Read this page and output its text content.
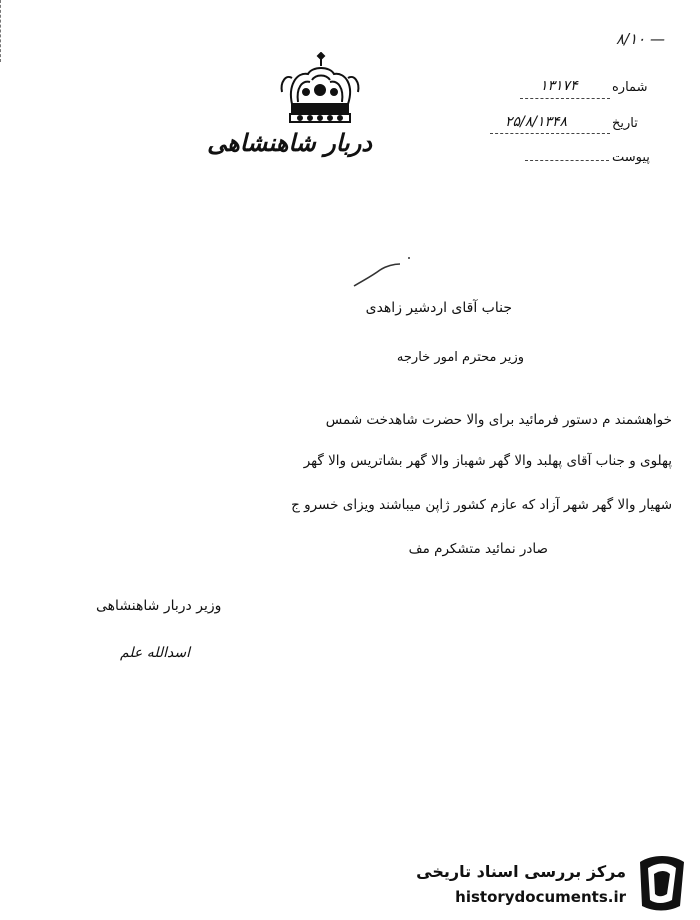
۸/۱۰ —
دربار شاهنشاهی
شماره
۱۳۱۷۴
تاریخ
۲۵/۸/۱۳۴۸
پیوست
جناب آقای اردشیر زاهدی
وزیر محترم امور خارجه
خواهشمند م دستور فرمائید برای والا حضرت شاهدخت شمس
پهلوی و جناب آقای پهلبد والا گهر شهباز والا گهر بشاتریس والا گهر
شهیار والا گهر شهر آزاد که عازم کشور ژاپن میباشند ویزای خسرو ج
صادر نمائید متشکرم مف
وزیر دربار شاهنشاهی
اسدالله علم
مرکز بررسی اسناد تاریخی
historydocuments.ir
